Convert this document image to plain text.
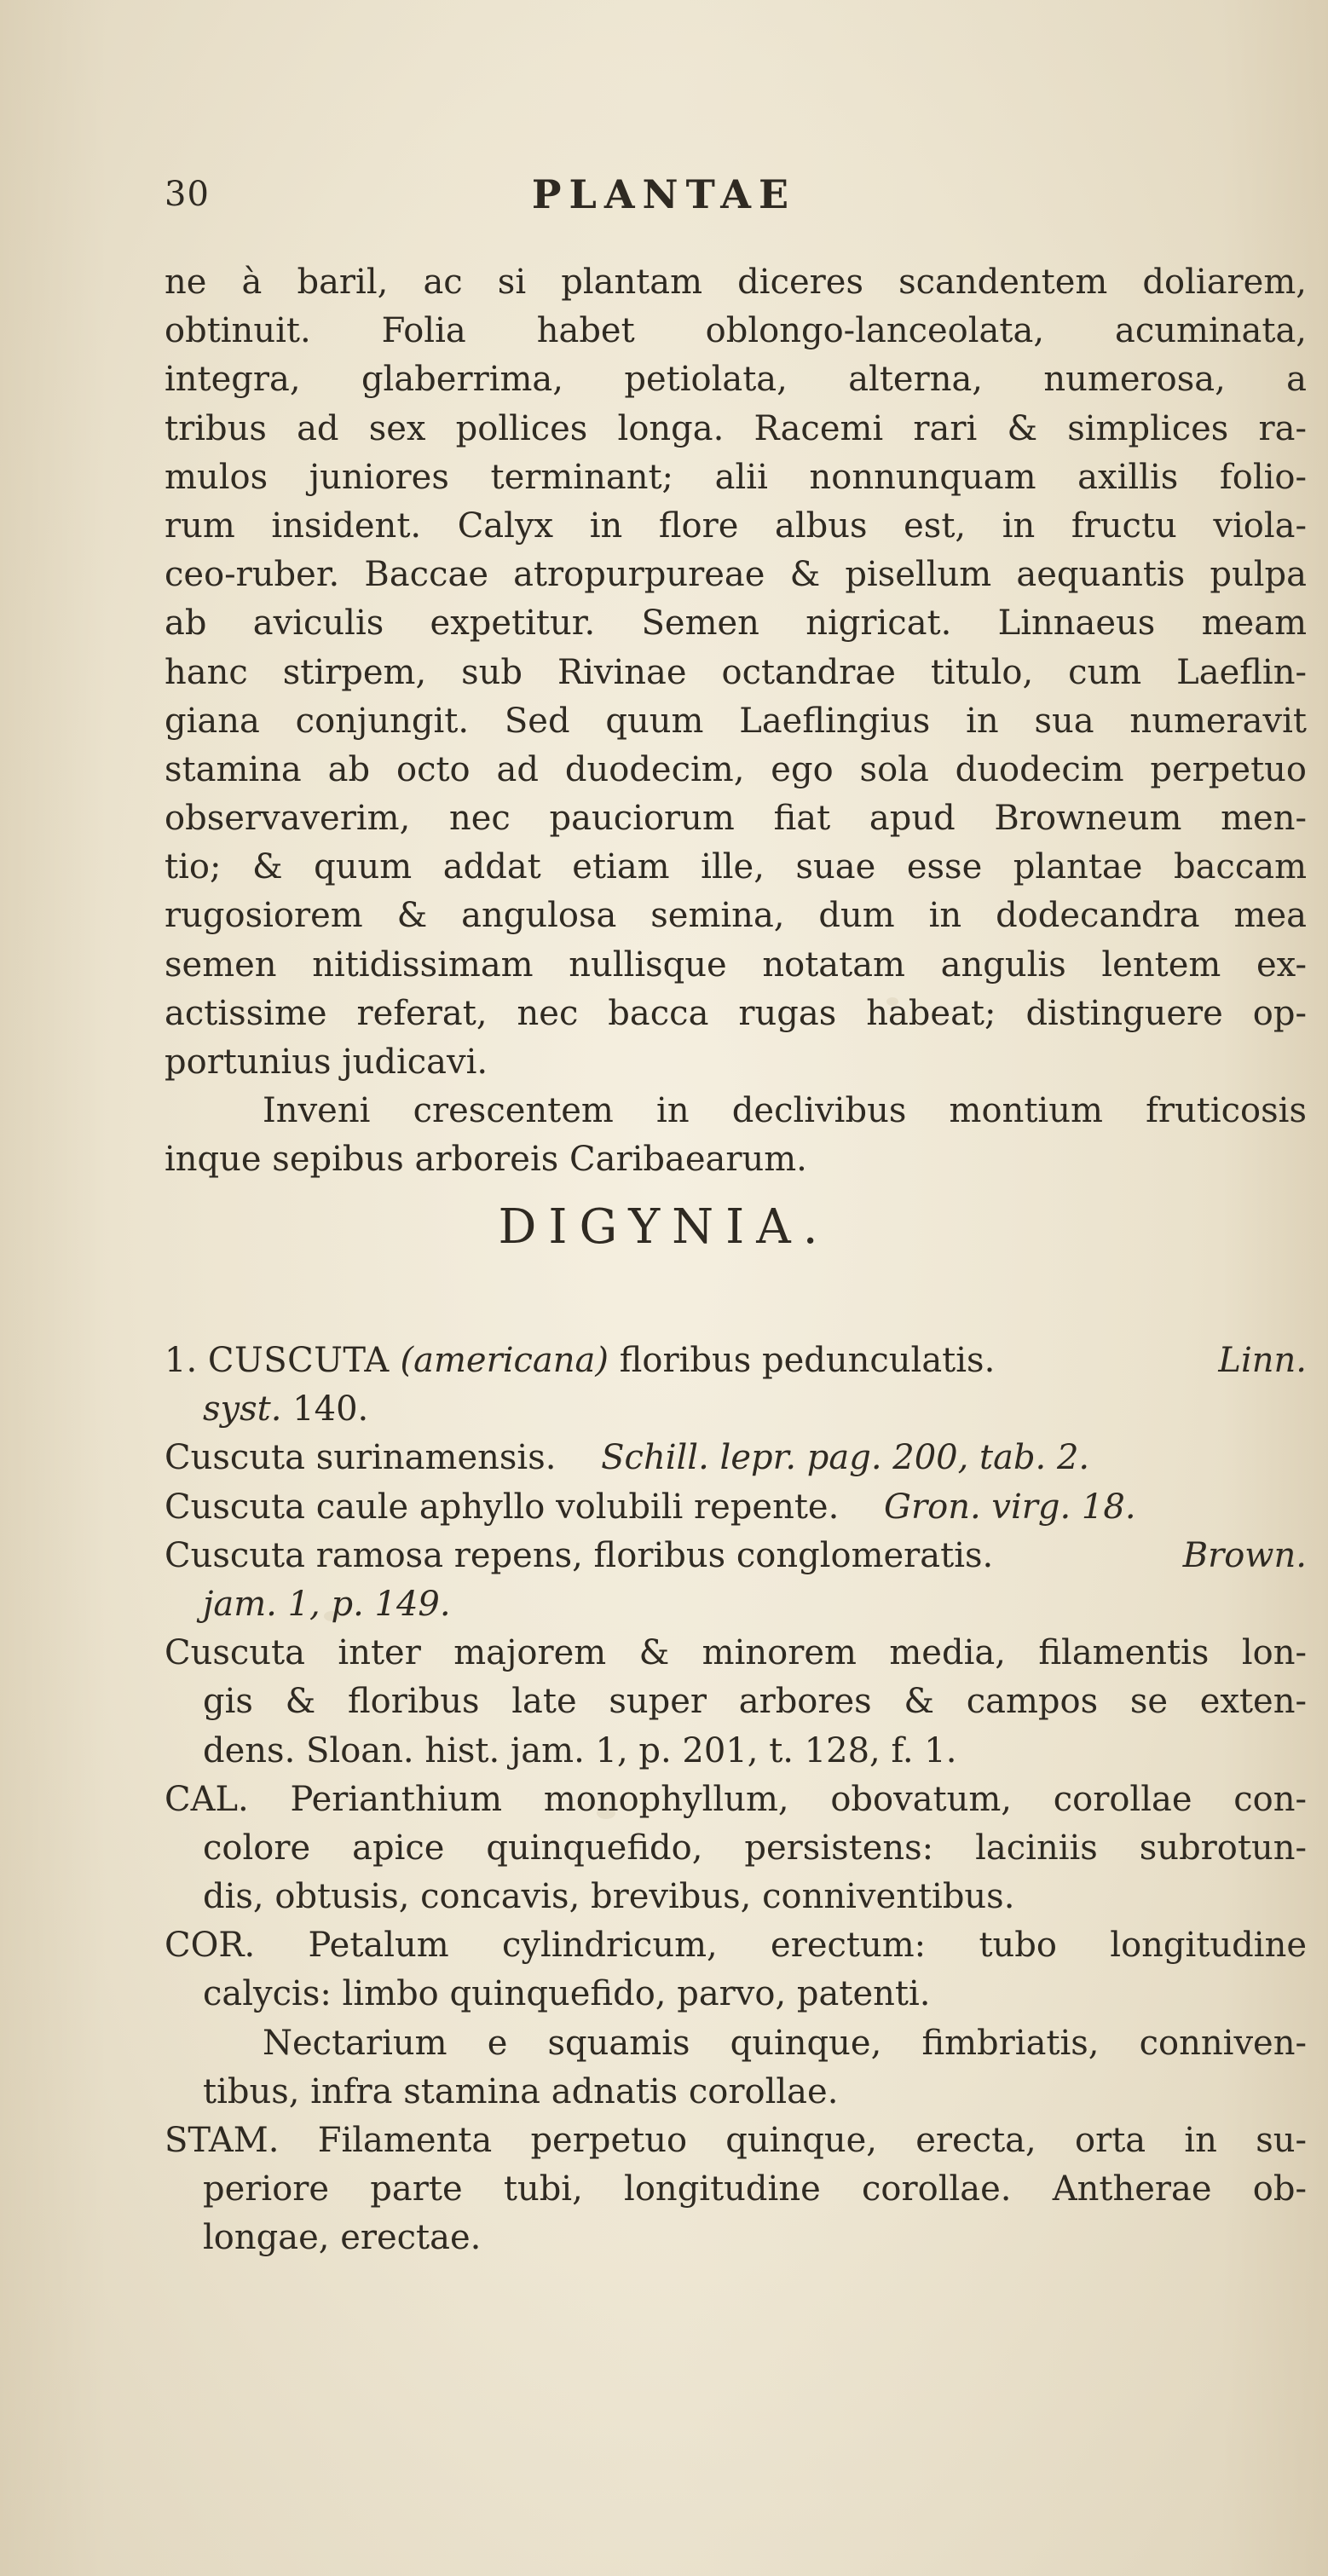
30	PLANTAE
ne à baril, ac si plantam diceres scandentem doliarem,
obtinuit. Folia habet oblongo-lanceolata, acuminata,
integra, glaberrima, petiolata, alterna, numerosa, a
tribus ad sex pollices longa. Racemi rari & simplices ra-
mulos juniores terminant; alii nonnunquam axillis folio-
rum insident. Calyx in flore albus est, in fructu viola-
ceo-ruber. Baccae atropurpureae & pisellum aequantis pulpa
ab aviculis expetitur. Semen nigricat. Linnaeus meam
hanc stirpem, sub Rivinae octandrae titulo, cum Laeflin-
giana conjungit. Sed quum Laeflingius in sua numeravit
stamina ab octo ad duodecim, ego sola duodecim perpetuo
observaverim, nec pauciorum fiat apud Browneum men-
tio; & quum addat etiam ille, suae esse plantae baccam
rugosiorem & angulosa semina, dum in dodecandra mea
semen nitidissimam nullisque notatam angulis lentem ex-
actissime referat, nec bacca rugas habeat; distinguere op-
portunius judicavi.
Inveni crescentem in declivibus montium fruticosis
inque sepibus arboreis Caribaearum.
DIGYNIA.
1. CUSCUTA (americana) floribus pedunculatis.	Linn.
syst. 140.
Cuscuta surinamensis. Schill. lepr. pag. 200, tab. 2.
Cuscuta caule aphyllo volubili repente. Gron. virg. 18.
Cuscuta ramosa repens, floribus conglomeratis.	Brown.
jam. 1, p. 149.
Cuscuta inter majorem & minorem media, filamentis lon-
gis & floribus late super arbores & campos se exten-
dens. Sloan. hist. jam. 1, p. 201, t. 128, f. 1.
CAL. Perianthium monophyllum, obovatum, corollae con-
colore apice quinquefido, persistens: laciniis subrotun-
dis, obtusis, concavis, brevibus, conniventibus.
COR. Petalum cylindricum, erectum: tubo longitudine
calycis: limbo quinquefido, parvo, patenti.
Nectarium e squamis quinque, fimbriatis, conniven-
tibus, infra stamina adnatis corollae.
STAM. Filamenta perpetuo quinque, erecta, orta in su-
periore parte tubi, longitudine corollae. Antherae ob-
longae, erectae.
